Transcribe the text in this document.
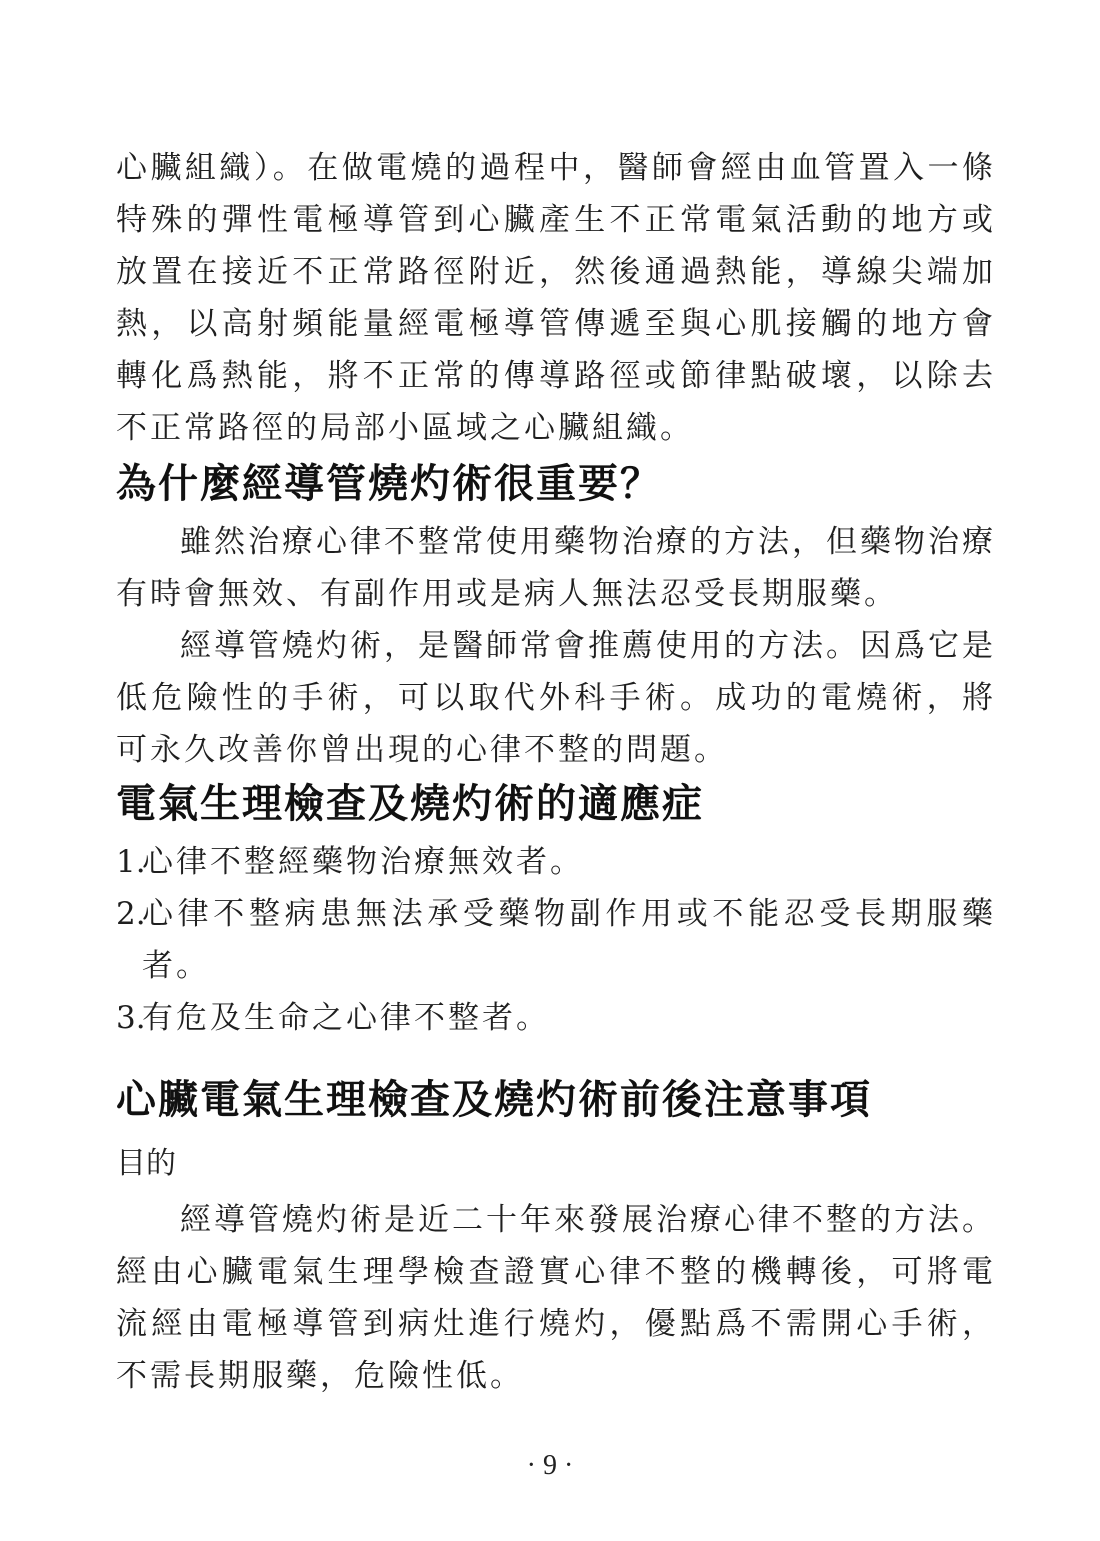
心臟組織）。在做電燒的過程中，醫師會經由血管置入一條特殊的彈性電極導管到心臟產生不正常電氣活動的地方或放置在接近不正常路徑附近，然後通過熱能，導線尖端加熱，以高射頻能量經電極導管傳遞至與心肌接觸的地方會轉化爲熱能，將不正常的傳導路徑或節律點破壞，以除去不正常路徑的局部小區域之心臟組織。

為什麼經導管燒灼術很重要？

雖然治療心律不整常使用藥物治療的方法，但藥物治療有時會無效、有副作用或是病人無法忍受長期服藥。

經導管燒灼術，是醫師常會推薦使用的方法。因爲它是低危險性的手術，可以取代外科手術。成功的電燒術，將可永久改善你曾出現的心律不整的問題。

電氣生理檢查及燒灼術的適應症
1.
心律不整經藥物治療無效者。
2.
心律不整病患無法承受藥物副作用或不能忍受長期服藥者。
3.
有危及生命之心律不整者。
心臟電氣生理檢查及燒灼術前後注意事項
目的

經導管燒灼術是近二十年來發展治療心律不整的方法。經由心臟電氣生理學檢查證實心律不整的機轉後，可將電流經由電極導管到病灶進行燒灼，優點爲不需開心手術，不需長期服藥，危險性低。

· 9 ·
